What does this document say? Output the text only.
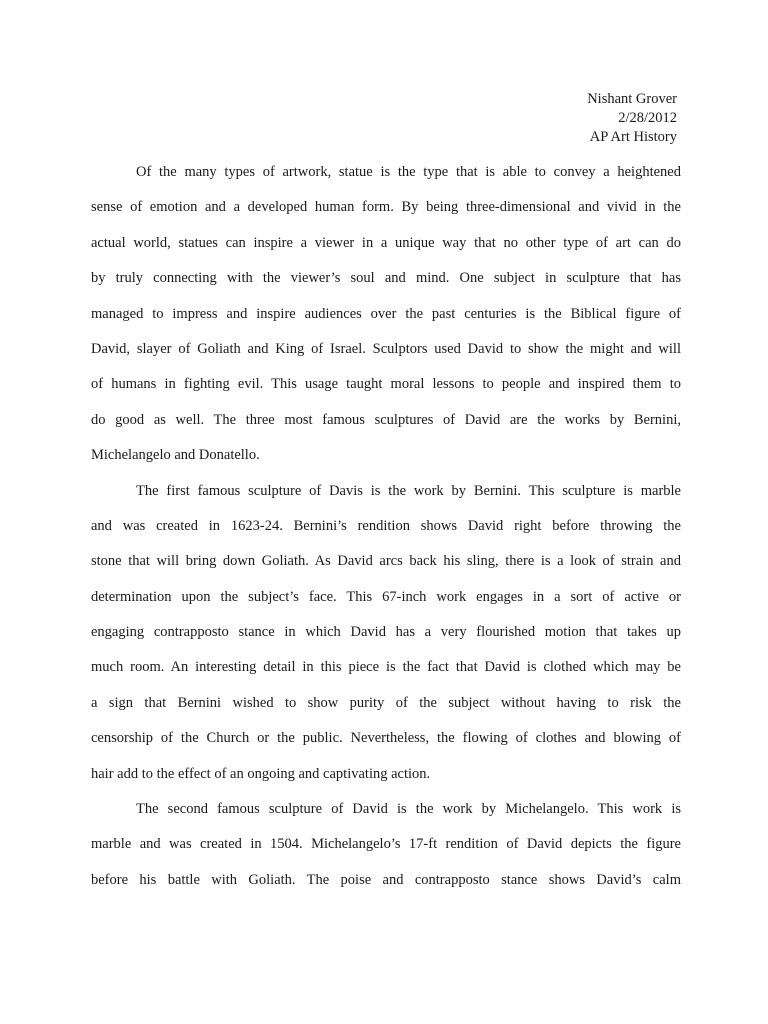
Nishant Grover
2/28/2012
AP Art History
Of the many types of artwork, statue is the type that is able to convey a heightened
sense of emotion and a developed human form. By being three-dimensional and vivid in the
actual world, statues can inspire a viewer in a unique way that no other type of art can do
by truly connecting with the viewer’s soul and mind. One subject in sculpture that has
managed to impress and inspire audiences over the past centuries is the Biblical figure of
David, slayer of Goliath and King of Israel. Sculptors used David to show the might and will
of humans in fighting evil. This usage taught moral lessons to people and inspired them to
do good as well. The three most famous sculptures of David are the works by Bernini,
Michelangelo and Donatello.
The first famous sculpture of Davis is the work by Bernini. This sculpture is marble
and was created in 1623-24. Bernini’s rendition shows David right before throwing the
stone that will bring down Goliath. As David arcs back his sling, there is a look of strain and
determination upon the subject’s face. This 67-inch work engages in a sort of active or
engaging contrapposto stance in which David has a very flourished motion that takes up
much room. An interesting detail in this piece is the fact that David is clothed which may be
a sign that Bernini wished to show purity of the subject without having to risk the
censorship of the Church or the public. Nevertheless, the flowing of clothes and blowing of
hair add to the effect of an ongoing and captivating action.
The second famous sculpture of David is the work by Michelangelo. This work is
marble and was created in 1504. Michelangelo’s 17-ft rendition of David depicts the figure
before his battle with Goliath. The poise and contrapposto stance shows David’s calm
